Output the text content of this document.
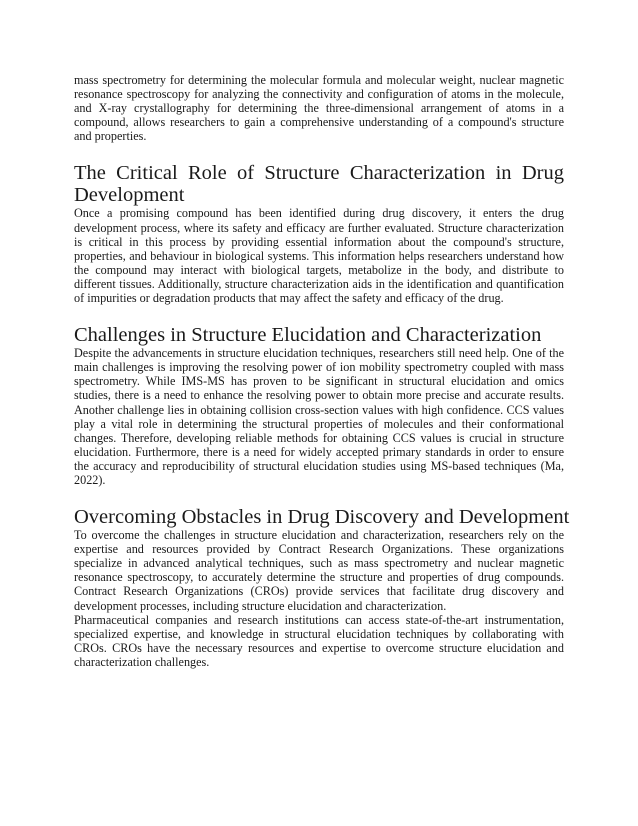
mass spectrometry for determining the molecular formula and molecular weight, nuclear magnetic resonance spectroscopy for analyzing the connectivity and configuration of atoms in the molecule, and X-ray crystallography for determining the three-dimensional arrangement of atoms in a compound, allows researchers to gain a comprehensive understanding of a compound's structure and properties.

The Critical Role of Structure Characterization in Drug Development

Once a promising compound has been identified during drug discovery, it enters the drug development process, where its safety and efficacy are further evaluated. Structure characterization is critical in this process by providing essential information about the compound's structure, properties, and behaviour in biological systems. This information helps researchers understand how the compound may interact with biological targets, metabolize in the body, and distribute to different tissues. Additionally, structure characterization aids in the identification and quantification of impurities or degradation products that may affect the safety and efficacy of the drug.

Challenges in Structure Elucidation and Characterization

Despite the advancements in structure elucidation techniques, researchers still need help. One of the main challenges is improving the resolving power of ion mobility spectrometry coupled with mass spectrometry. While IMS-MS has proven to be significant in structural elucidation and omics studies, there is a need to enhance the resolving power to obtain more precise and accurate results. Another challenge lies in obtaining collision cross-section values with high confidence. CCS values play a vital role in determining the structural properties of molecules and their conformational changes. Therefore, developing reliable methods for obtaining CCS values is crucial in structure elucidation. Furthermore, there is a need for widely accepted primary standards in order to ensure the accuracy and reproducibility of structural elucidation studies using MS-based techniques (Ma, 2022).

Overcoming Obstacles in Drug Discovery and Development

To overcome the challenges in structure elucidation and characterization, researchers rely on the expertise and resources provided by Contract Research Organizations. These organizations specialize in advanced analytical techniques, such as mass spectrometry and nuclear magnetic resonance spectroscopy, to accurately determine the structure and properties of drug compounds. Contract Research Organizations (CROs) provide services that facilitate drug discovery and development processes, including structure elucidation and characterization.

Pharmaceutical companies and research institutions can access state-of-the-art instrumentation, specialized expertise, and knowledge in structural elucidation techniques by collaborating with CROs. CROs have the necessary resources and expertise to overcome structure elucidation and characterization challenges.
